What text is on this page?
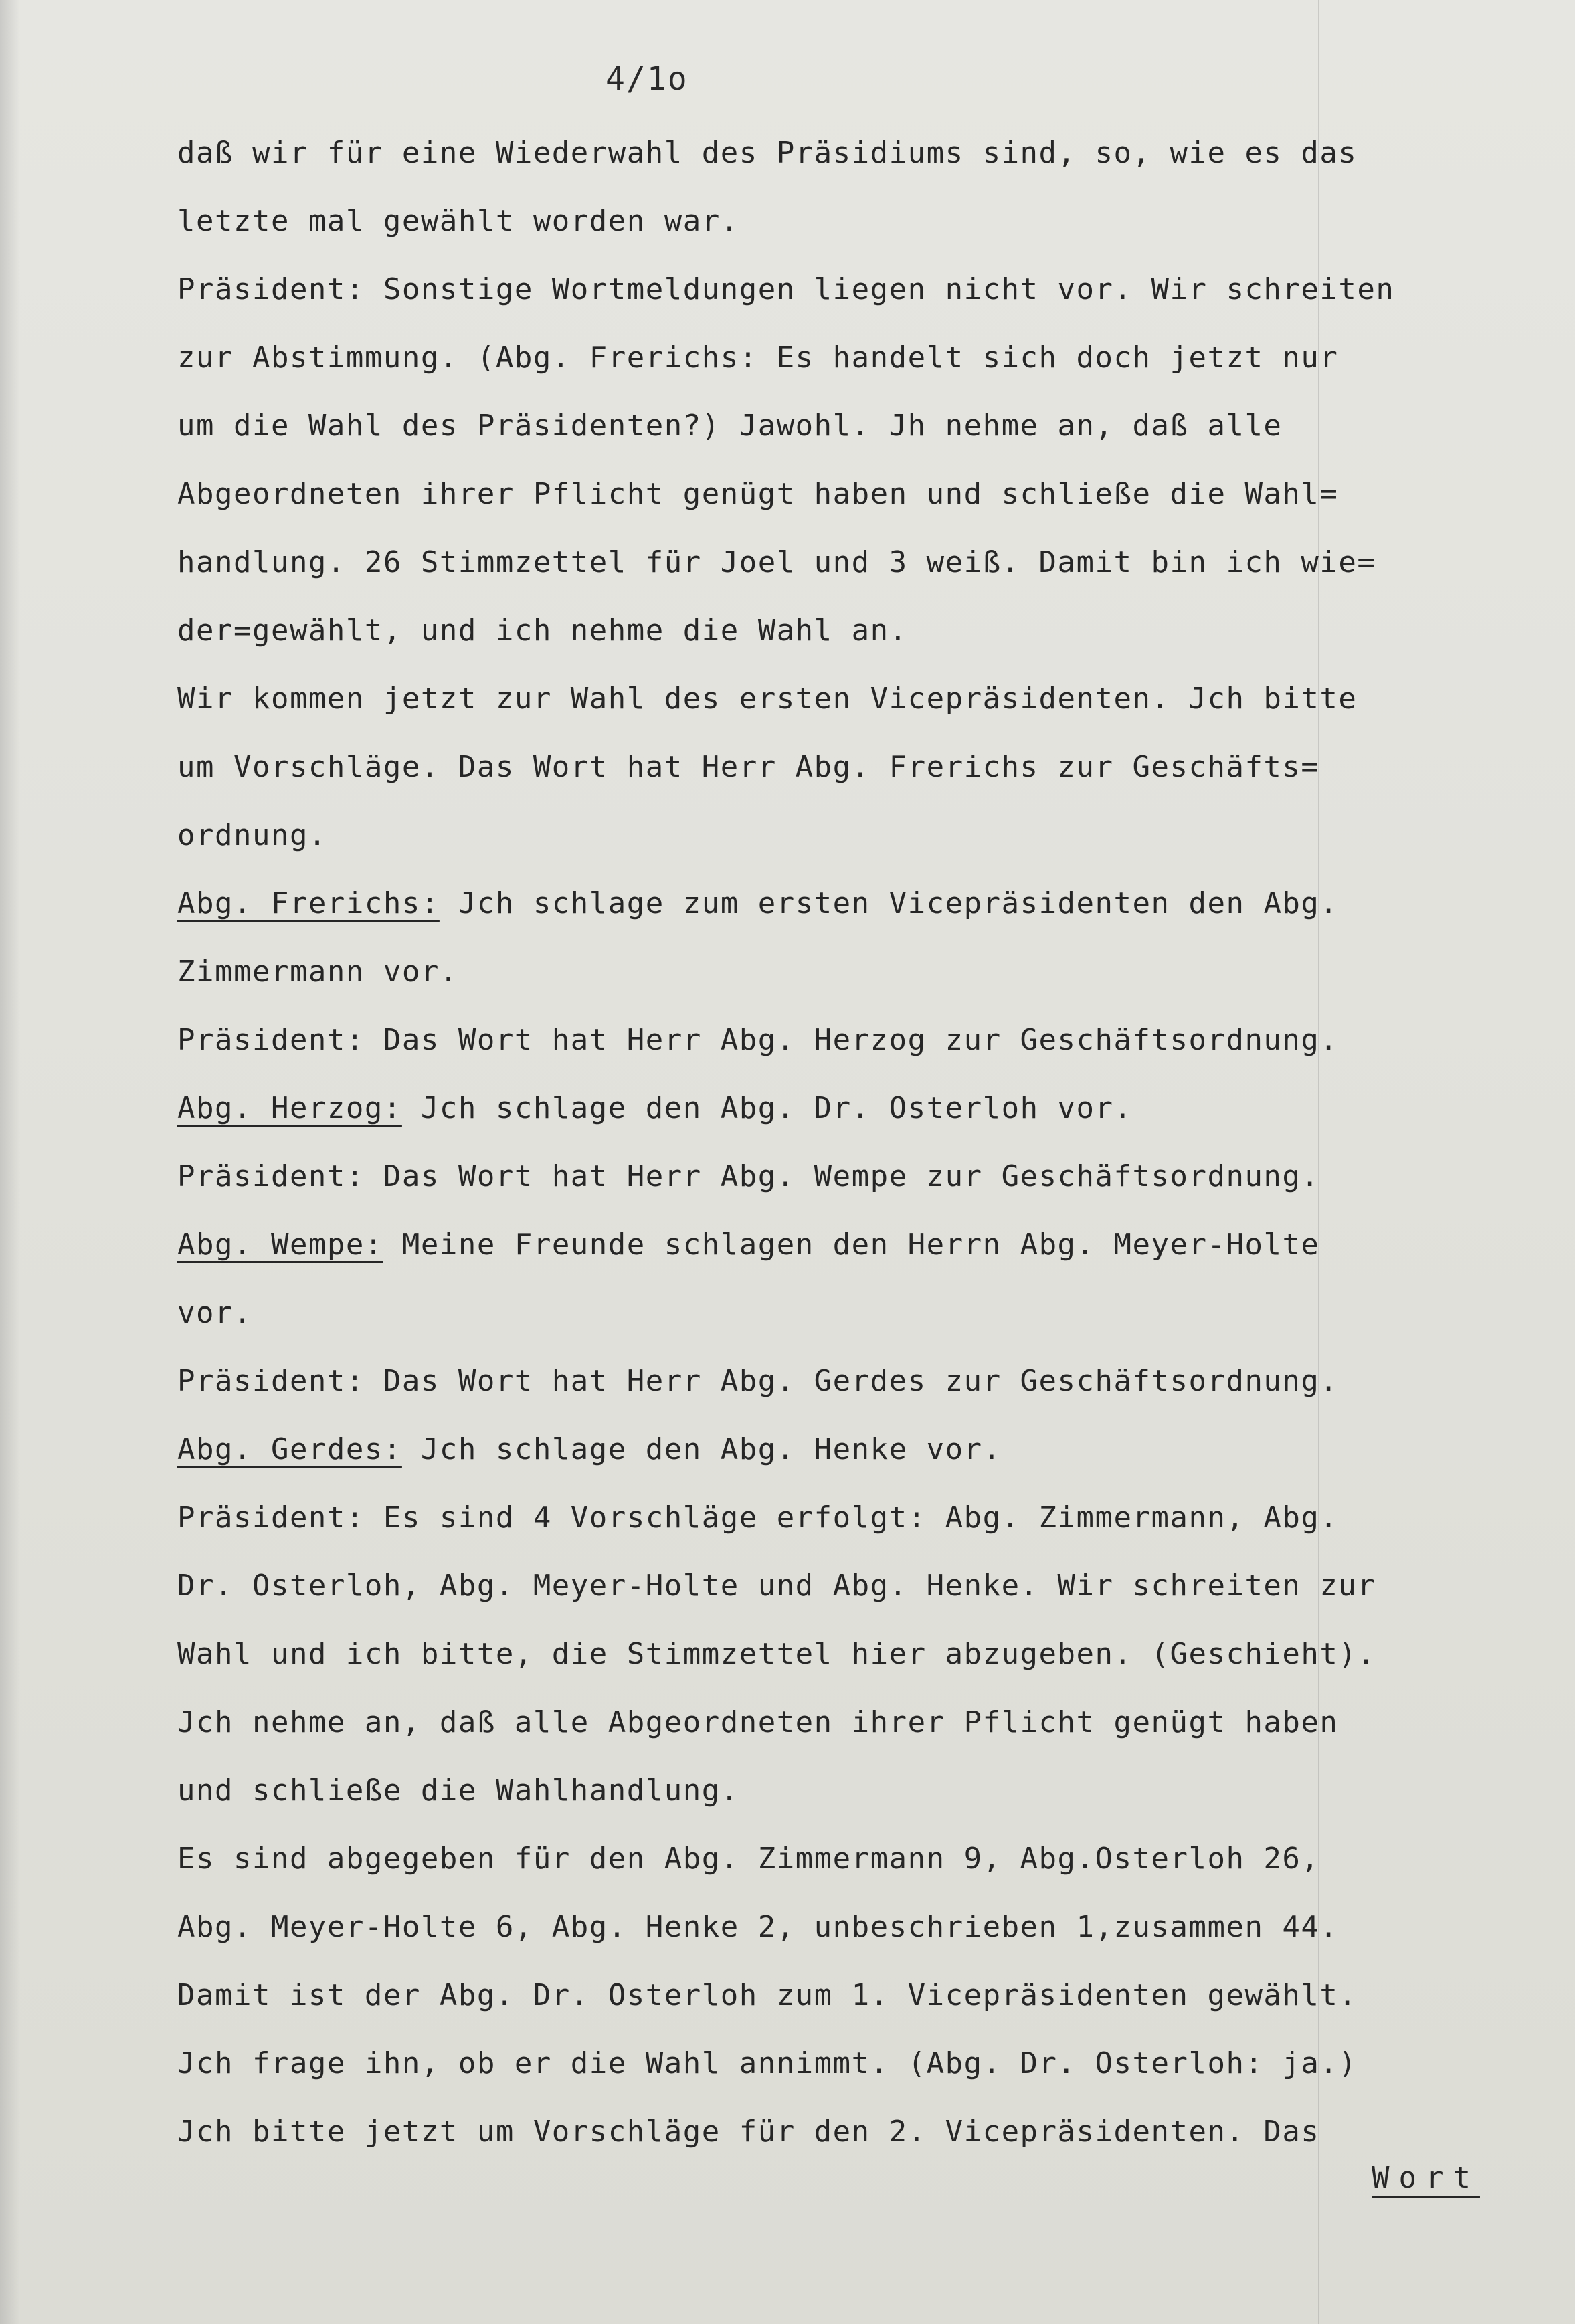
4/1o
daß wir für eine Wiederwahl des Präsidiums sind, so, wie es das
letzte mal gewählt worden war.
Präsident: Sonstige Wortmeldungen liegen nicht vor. Wir schreiten
zur Abstimmung. (Abg. Frerichs: Es handelt sich doch jetzt nur
um die Wahl des Präsidenten?) Jawohl. Jh nehme an, daß alle
Abgeordneten ihrer Pflicht genügt haben und schließe die Wahl=
handlung. 26 Stimmzettel für Joel und 3 weiß. Damit bin ich wie=
der=gewählt, und ich nehme die Wahl an.
Wir kommen jetzt zur Wahl des ersten Vicepräsidenten. Jch bitte
um Vorschläge. Das Wort hat Herr Abg. Frerichs zur Geschäfts=
ordnung.
Abg. Frerichs: Jch schlage zum ersten Vicepräsidenten den Abg.
Zimmermann vor.
Präsident: Das Wort hat Herr Abg. Herzog zur Geschäftsordnung.
Abg. Herzog: Jch schlage den Abg. Dr. Osterloh vor.
Präsident: Das Wort hat Herr Abg. Wempe zur Geschäftsordnung.
Abg. Wempe: Meine Freunde schlagen den Herrn Abg. Meyer-Holte
vor.
Präsident: Das Wort hat Herr Abg. Gerdes zur Geschäftsordnung.
Abg. Gerdes: Jch schlage den Abg. Henke vor.
Präsident: Es sind 4 Vorschläge erfolgt: Abg. Zimmermann, Abg.
Dr. Osterloh, Abg. Meyer-Holte und Abg. Henke. Wir schreiten zur
Wahl und ich bitte, die Stimmzettel hier abzugeben. (Geschieht).
Jch nehme an, daß alle Abgeordneten ihrer Pflicht genügt haben
und schließe die Wahlhandlung.
Es sind abgegeben für den Abg. Zimmermann 9, Abg.Osterloh 26,
Abg. Meyer-Holte 6, Abg. Henke 2, unbeschrieben 1,zusammen 44.
Damit ist der Abg. Dr. Osterloh zum 1. Vicepräsidenten gewählt.
Jch frage ihn, ob er die Wahl annimmt. (Abg. Dr. Osterloh: ja.)
Jch bitte jetzt um Vorschläge für den 2. Vicepräsidenten. Das
Wort
